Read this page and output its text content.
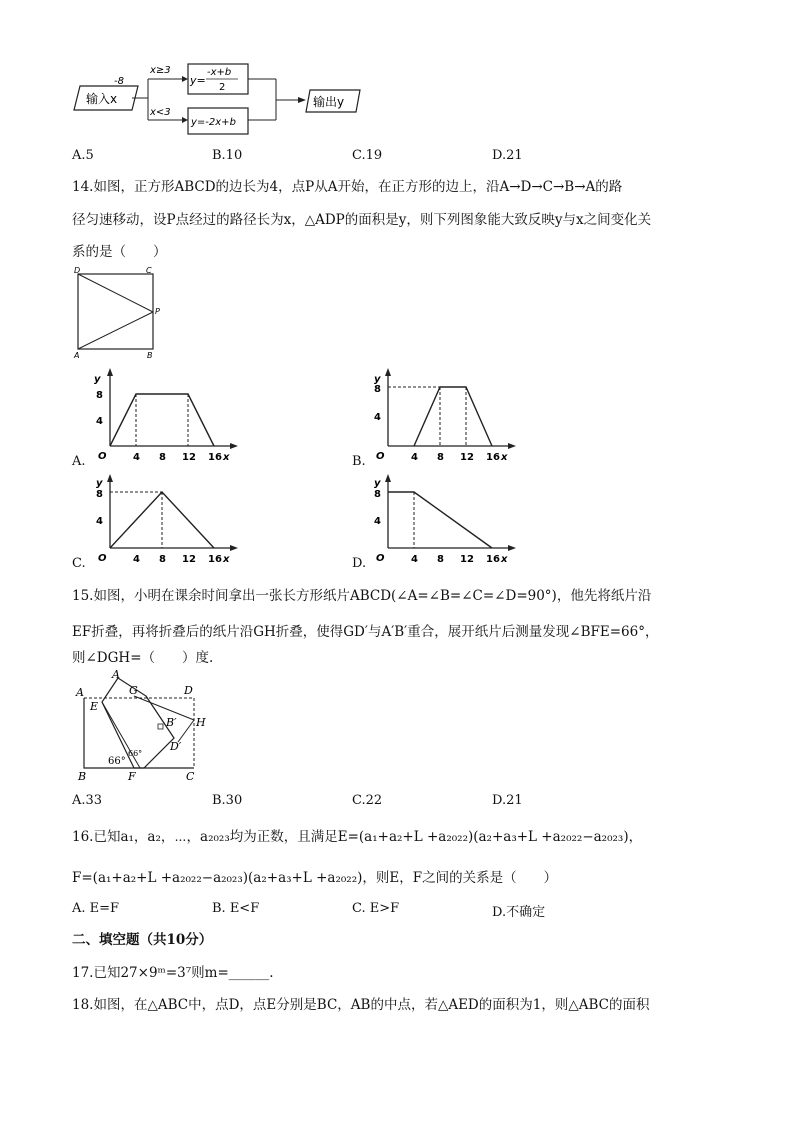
输入x
-8
x≥3
x<3
y=
-x+b
2
y=-2x+b
输出y
A.5	B.10	C.19	D.21
14.如图，正方形ABCD的边长为4，点P从A开始，在正方形的边上，沿A→D→C→B→A的路
径匀速移动，设P点经过的路径长为x，△ADP的面积是y，则下列图象能大致反映y与x之间变化关
系的是（　　）
D	C
P
A	B
y
8
4
O	4 8 12 16 x
A.
y
8
4
O	4 8 12 16 x
B.
y
8
4
O	4 8 12 16 x
C.
y
8
4
O	4 8 12 16 x
D.
15.如图，小明在课余时间拿出一张长方形纸片ABCD(∠A=∠B=∠C=∠D=90°)，他先将纸片沿
EF折叠，再将折叠后的纸片沿GH折叠，使得GD′与A′B′重合，展开纸片后测量发现∠BFE=66°，
则∠DGH=（　　）度.
A
A
G	D
E
H
B′
D′
B	F	C
66°
66°
A.33	B.30	C.22	D.21
16.已知a₁，a₂，⋯，a₂₀₂₃均为正数，且满足E=(a₁+a₂+L +a₂₀₂₂)(a₂+a₃+L +a₂₀₂₂−a₂₀₂₃)，
F=(a₁+a₂+L +a₂₀₂₂−a₂₀₂₃)(a₂+a₃+L +a₂₀₂₂)，则E，F之间的关系是（　　）
A. E=F	B. E<F	C. E>F	D.不确定
二、填空题（共10分）
17.已知27×9ᵐ=3⁷则m=______.
18.如图，在△ABC中，点D，点E分别是BC，AB的中点，若△AED的面积为1，则△ABC的面积
